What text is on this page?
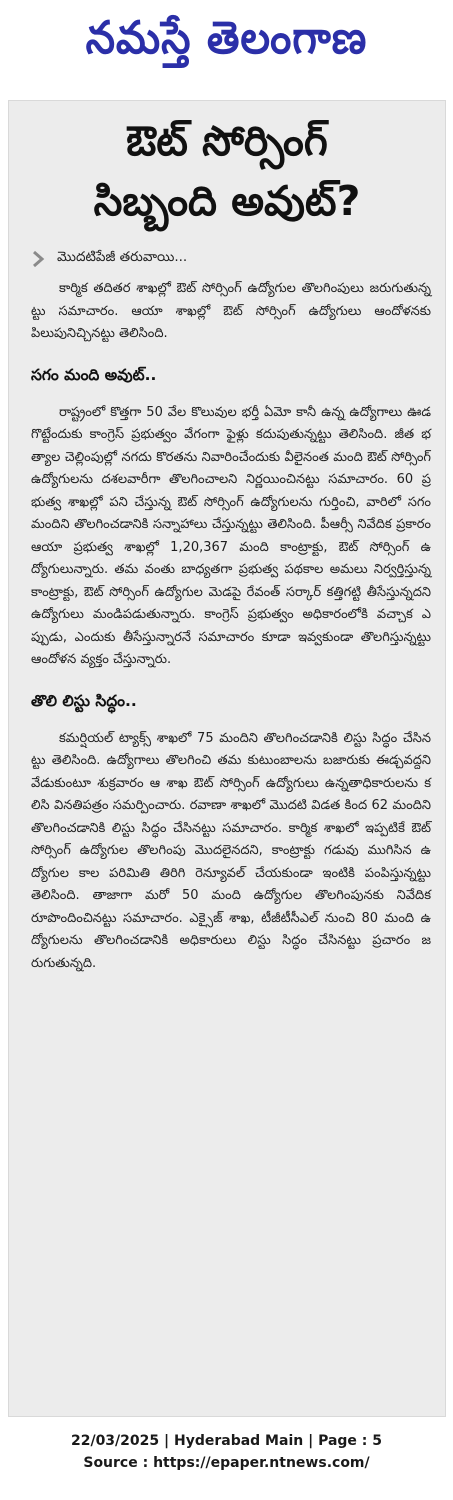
నమస్తే తెలంగాణ
ఔట్ సోర్సింగ్
సిబ్బంది అవుట్?
మొదటిపేజీ తరువాయి...

కార్మిక తదితర శాఖల్లో ఔట్ సోర్సింగ్ ఉద్యోగుల తొలగింపులు జరుగుతున్నట్టు సమాచారం. ఆయా శాఖల్లో ఔట్ సోర్సింగ్ ఉద్యోగులు ఆందోళనకు పిలుపునిచ్చినట్టు తెలిసింది.

సగం మంది అవుట్..

రాష్ట్రంలో కొత్తగా 50 వేల కొలువుల భర్తీ ఏమో కానీ ఉన్న ఉద్యోగాలు ఊడగొట్టేందుకు కాంగ్రెస్ ప్రభుత్వం వేగంగా ఫైళ్లు కదుపుతున్నట్టు తెలిసింది. జీత భత్యాల చెల్లింపుల్లో నగదు కొరతను నివారించేందుకు వీలైనంత మంది ఔట్ సోర్సింగ్ ఉద్యోగులను దశలవారీగా తొలగించాలని నిర్ణయించినట్టు సమాచారం. 60 ప్రభుత్వ శాఖల్లో పని చేస్తున్న ఔట్ సోర్సింగ్ ఉద్యోగులను గుర్తించి, వారిలో సగం మందిని తొలగించడానికి సన్నాహాలు చేస్తున్నట్టు తెలిసింది. పీఆర్సీ నివేదిక ప్రకారం ఆయా ప్రభుత్వ శాఖల్లో 1,20,367 మంది కాంట్రాక్టు, ఔట్ సోర్సింగ్ ఉద్యోగులున్నారు. తమ వంతు బాధ్యతగా ప్రభుత్వ పథకాల అమలు నిర్వర్తిస్తున్న కాంట్రాక్టు, ఔట్ సోర్సింగ్ ఉద్యోగుల మెడపై రేవంత్ సర్కార్ కత్తిగట్టి తీసేస్తున్నదని ఉద్యోగులు మండిపడుతున్నారు. కాంగ్రెస్ ప్రభుత్వం అధికారంలోకి వచ్చాక ఎప్పుడు, ఎందుకు తీసేస్తున్నారనే సమాచారం కూడా ఇవ్వకుండా తొలగిస్తున్నట్టు ఆందోళన వ్యక్తం చేస్తున్నారు.

తొలి లిస్టు సిద్ధం..

కమర్షియల్ ట్యాక్స్ శాఖలో 75 మందిని తొలగించడానికి లిస్టు సిద్ధం చేసినట్టు తెలిసింది. ఉద్యోగాలు తొలగించి తమ కుటుంబాలను బజారుకు ఈడ్చవద్దని వేడుకుంటూ శుక్రవారం ఆ శాఖ ఔట్ సోర్సింగ్ ఉద్యోగులు ఉన్నతాధికారులను కలిసి వినతిపత్రం సమర్పించారు. రవాణా శాఖలో మొదటి విడత కింద 62 మందిని తొలగించడానికి లిస్టు సిద్ధం చేసినట్టు సమాచారం. కార్మిక శాఖలో ఇప్పటికే ఔట్ సోర్సింగ్ ఉద్యోగుల తొలగింపు మొదలైనదని, కాంట్రాక్టు గడువు ముగిసిన ఉద్యోగుల కాల పరిమితి తిరిగి రెన్యూవల్ చేయకుండా ఇంటికి పంపిస్తున్నట్టు తెలిసింది. తాజాగా మరో 50 మంది ఉద్యోగుల తొలగింపునకు నివేదిక రూపొందించినట్టు సమాచారం. ఎక్సైజ్ శాఖ, టీజీటీసీఎల్ నుంచి 80 మంది ఉద్యోగులను తొలగించడానికి అధికారులు లిస్టు సిద్ధం చేసినట్టు ప్రచారం జరుగుతున్నది.

22/03/2025 | Hyderabad Main | Page : 5
Source : https://epaper.ntnews.com/
